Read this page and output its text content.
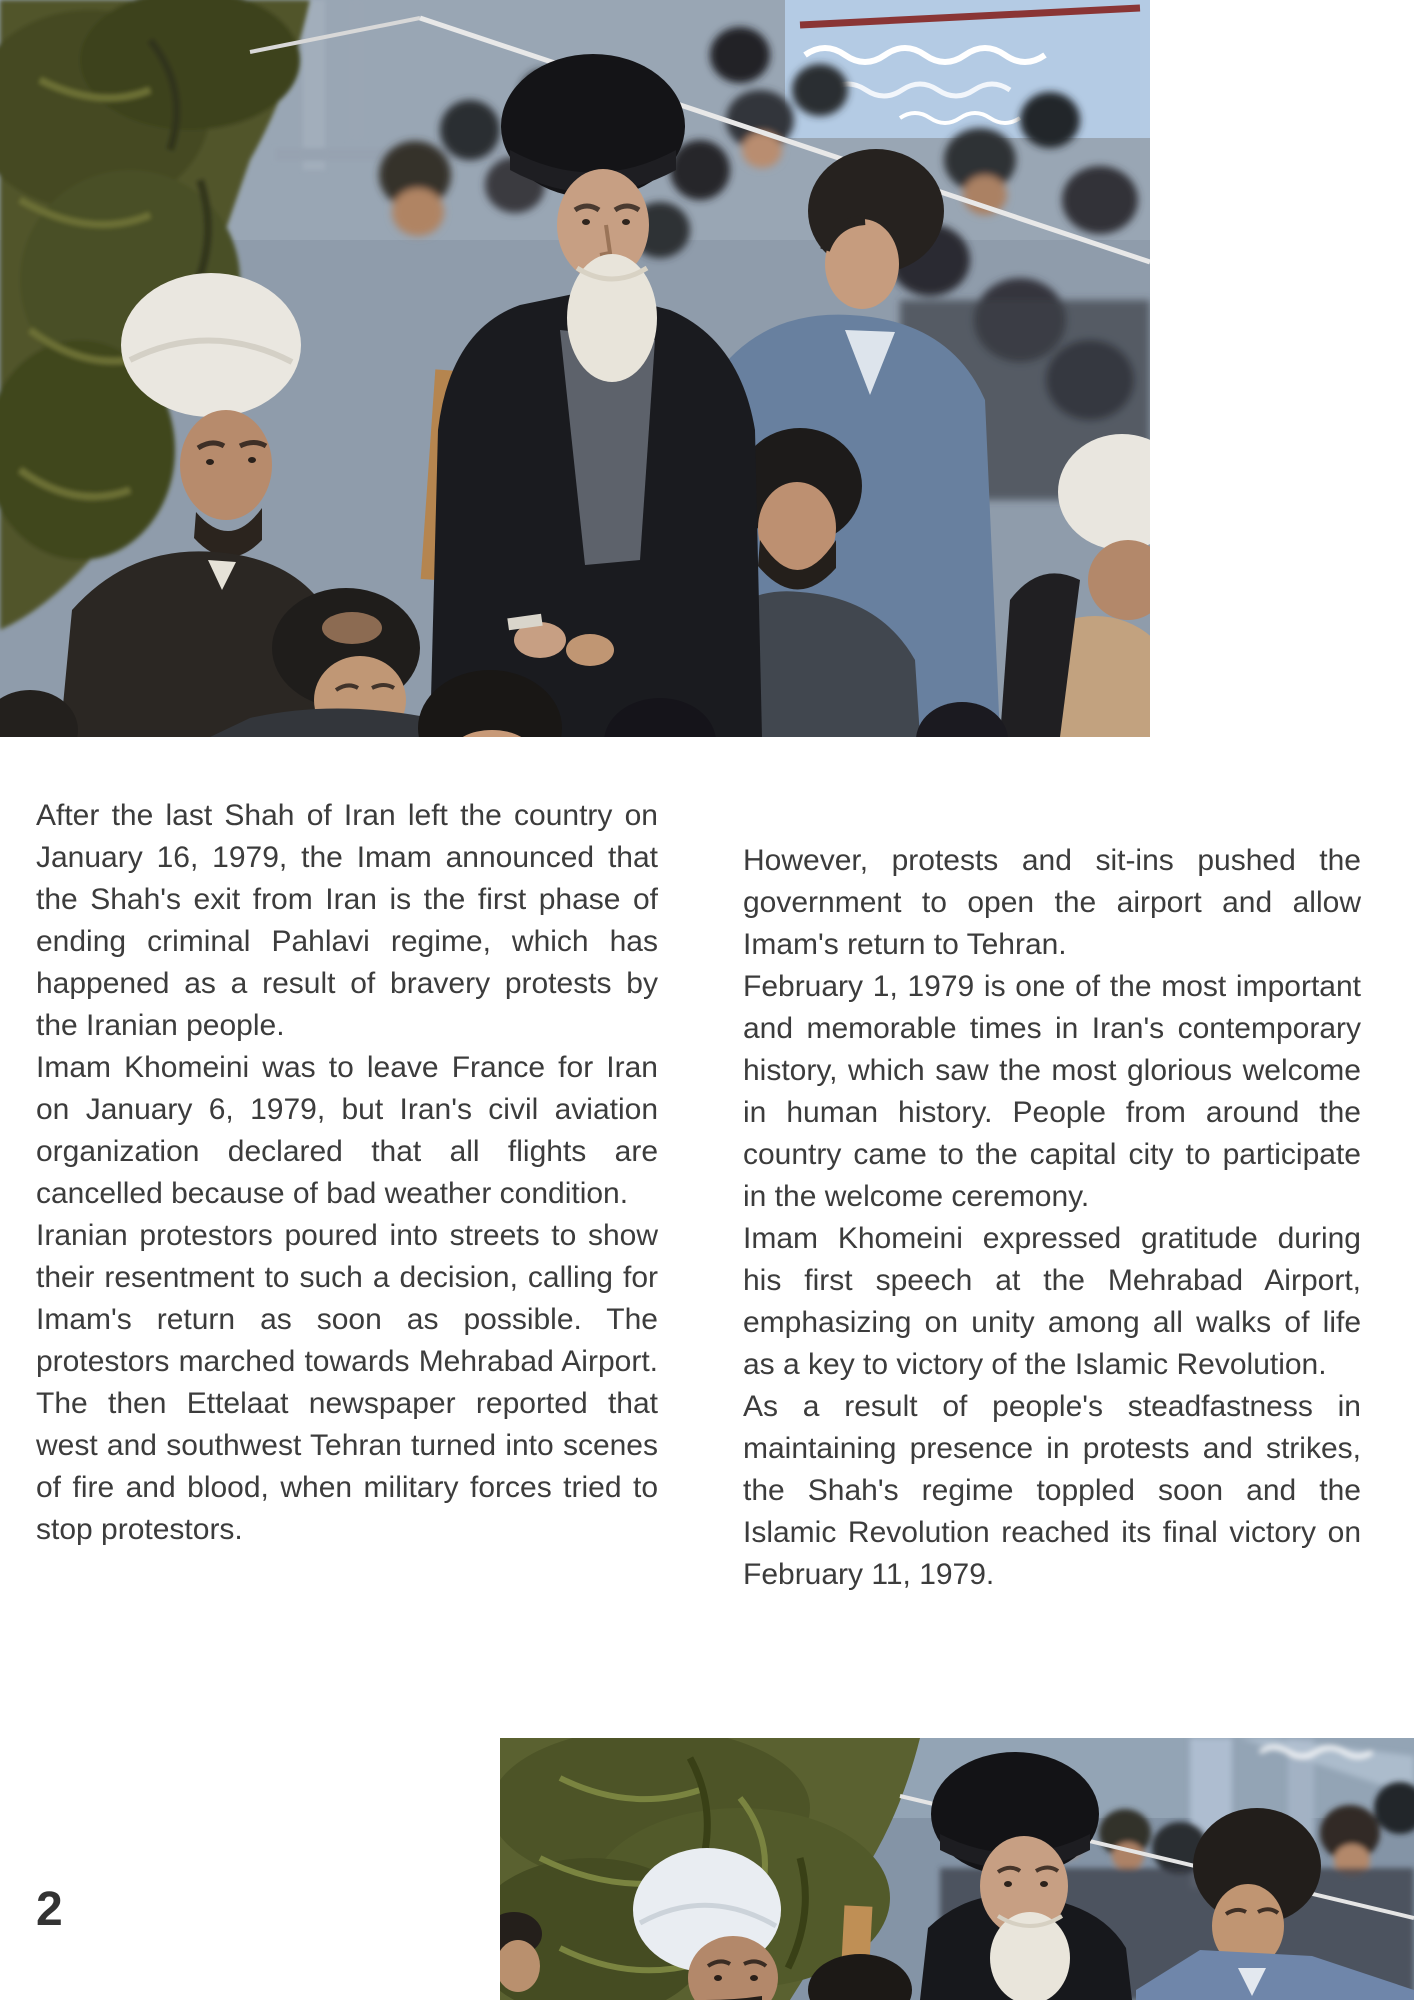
After the last Shah of Iran left the country on January 16, 1979, the Imam announced that the Shah's exit from Iran is the first phase of ending criminal Pahlavi regime, which has happened as a result of bravery protests by the Iranian people.

Imam Khomeini was to leave France for Iran on January 6, 1979, but Iran's civil aviation organization declared that all flights are cancelled because of bad weather condition.

Iranian protestors poured into streets to show their resentment to such a decision, calling for Imam's return as soon as possible. The protestors marched towards Mehrabad Airport. The then Ettelaat newspaper reported that west and southwest Tehran turned into scenes of fire and blood, when military forces tried to stop protestors.

However, protests and sit-ins pushed the government to open the airport and allow Imam's return to Tehran.

February 1, 1979 is one of the most important and memorable times in Iran's contemporary history, which saw the most glorious welcome in human history. People from around the country came to the capital city to participate in the welcome ceremony.

Imam Khomeini expressed gratitude during his first speech at the Mehrabad Airport, emphasizing on unity among all walks of life as a key to victory of the Islamic Revolution.

As a result of people's steadfastness in maintaining presence in protests and strikes, the Shah's regime toppled soon and the Islamic Revolution reached its final victory on February 11, 1979.

2
